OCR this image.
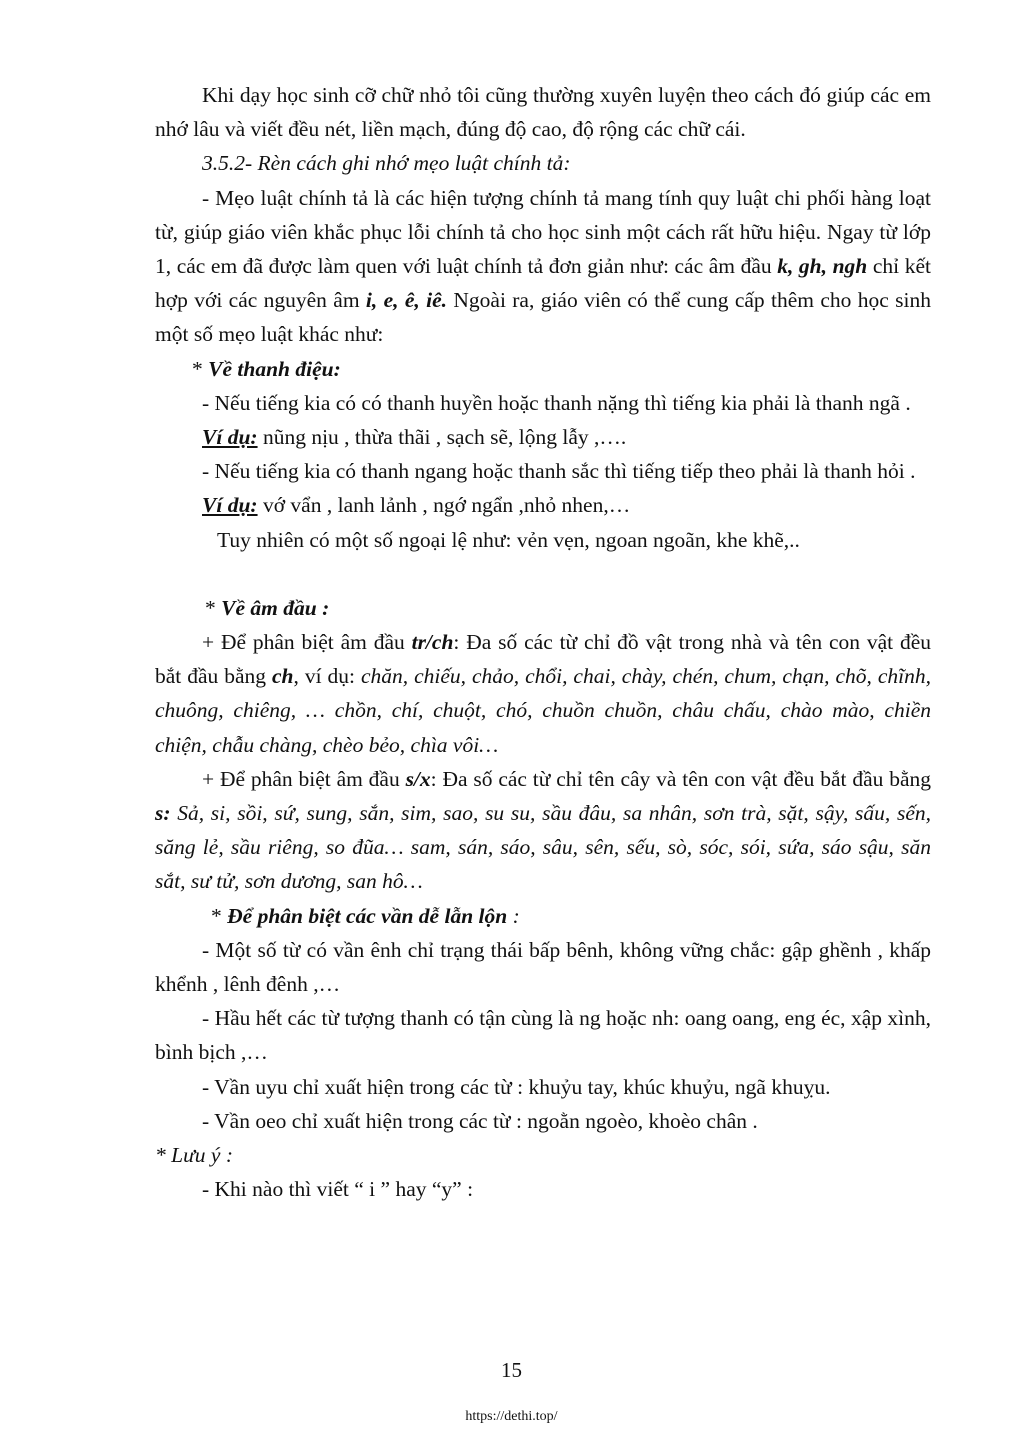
Khi dạy học sinh cỡ chữ nhỏ tôi cũng thường xuyên luyện theo cách đó giúp các em nhớ lâu và viết đều nét, liền mạch, đúng độ cao, độ rộng các chữ cái.

3.5.2- Rèn cách ghi nhớ mẹo luật chính tả:

- Mẹo luật chính tả là các hiện tượng chính tả mang tính quy luật chi phối hàng loạt từ, giúp giáo viên khắc phục lỗi chính tả cho học sinh một cách rất hữu hiệu. Ngay từ lớp 1, các em đã được làm quen với luật chính tả đơn giản như: các âm đầu k, gh, ngh chỉ kết hợp với các nguyên âm i, e, ê, iê. Ngoài ra, giáo viên có thể cung cấp thêm cho học sinh một số mẹo luật khác như:

* Về thanh điệu:

- Nếu tiếng kia có có thanh huyền hoặc thanh nặng thì tiếng kia phải là thanh ngã .

Ví dụ: nũng nịu , thừa thãi , sạch sẽ, lộng lẫy ,….

- Nếu tiếng kia có thanh ngang hoặc thanh sắc thì tiếng tiếp theo phải là thanh hỏi .

Ví dụ: vớ vẩn , lanh lảnh , ngớ ngẩn ,nhỏ nhen,…

Tuy nhiên có một số ngoại lệ như: vẻn vẹn, ngoan ngoãn, khe khẽ,..

* Về âm đầu :

+ Để phân biệt âm đầu tr/ch: Đa số các từ chỉ đồ vật trong nhà và tên con vật đều bắt đầu bằng ch, ví dụ: chăn, chiếu, chảo, chổi, chai, chày, chén, chum, chạn, chõ, chĩnh, chuông, chiêng, … chồn, chí, chuột, chó, chuồn chuồn, châu chấu, chào mào, chiền chiện, chẫu chàng, chèo bẻo, chìa vôi…

+ Để phân biệt âm đầu s/x: Đa số các từ chỉ tên cây và tên con vật đều bắt đầu bằng s: Sả, si, sồi, sứ, sung, sắn, sim, sao, su su, sầu đâu, sa nhân, sơn trà, sặt, sậy, sấu, sến, săng lẻ, sầu riêng, so đũa… sam, sán, sáo, sâu, sên, sếu, sò, sóc, sói, sứa, sáo sậu, săn sắt, sư tử, sơn dương, san hô…

* Để phân biệt các vần dễ lẫn lộn :

- Một số từ có vần ênh chỉ trạng thái bấp bênh, không vững chắc: gập ghềnh , khấp khểnh , lênh đênh ,…

- Hầu hết các từ tượng thanh có tận cùng là ng hoặc nh: oang oang, eng éc, xập xình, bình bịch ,…

- Vần uyu chỉ xuất hiện trong các từ : khuỷu tay, khúc khuỷu, ngã khuỵu.

- Vần oeo chỉ xuất hiện trong các từ : ngoằn ngoèo, khoèo chân .

* Lưu ý :

- Khi nào thì viết “ i ” hay “y” :

15
https://dethi.top/
